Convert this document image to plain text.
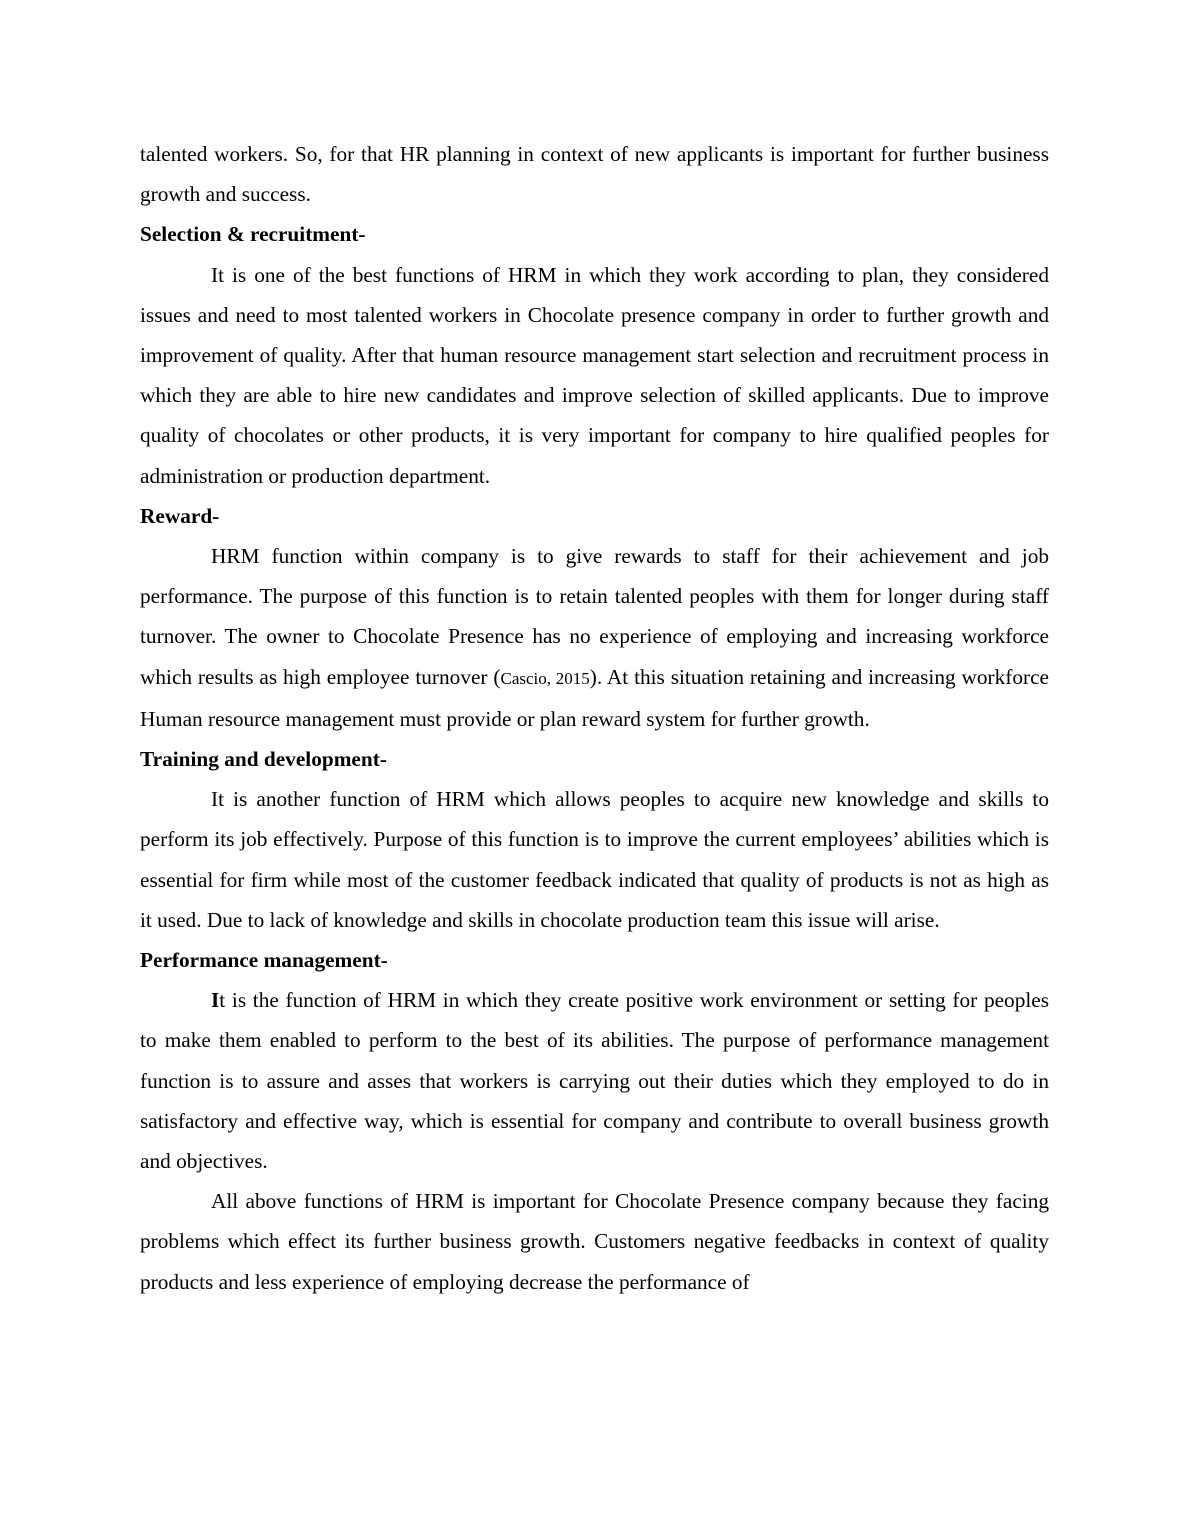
talented workers. So, for that HR planning in context of new applicants is important for further business growth and success.

Selection & recruitment-

It is one of the best functions of HRM in which they work according to plan, they considered issues and need to most talented workers in Chocolate presence company in order to further growth and improvement of quality. After that human resource management start selection and recruitment process in which they are able to hire new candidates and improve selection of skilled applicants. Due to improve quality of chocolates or other products, it is very important for company to hire qualified peoples for administration or production department.

Reward-

HRM function within company is to give rewards to staff for their achievement and job performance. The purpose of this function is to retain talented peoples with them for longer during staff turnover. The owner to Chocolate Presence has no experience of employing and increasing workforce which results as high employee turnover (Cascio, 2015). At this situation retaining and increasing workforce Human resource management must provide or plan reward system for further growth.

Training and development-

It is another function of HRM which allows peoples to acquire new knowledge and skills to perform its job effectively. Purpose of this function is to improve the current employees’ abilities which is essential for firm while most of the customer feedback indicated that quality of products is not as high as it used. Due to lack of knowledge and skills in chocolate production team this issue will arise.

Performance management-

It is the function of HRM in which they create positive work environment or setting for peoples to make them enabled to perform to the best of its abilities. The purpose of performance management function is to assure and asses that workers is carrying out their duties which they employed to do in satisfactory and effective way, which is essential for company and contribute to overall business growth and objectives.

All above functions of HRM is important for Chocolate Presence company because they facing problems which effect its further business growth. Customers negative feedbacks in context of quality products and less experience of employing decrease the performance of
